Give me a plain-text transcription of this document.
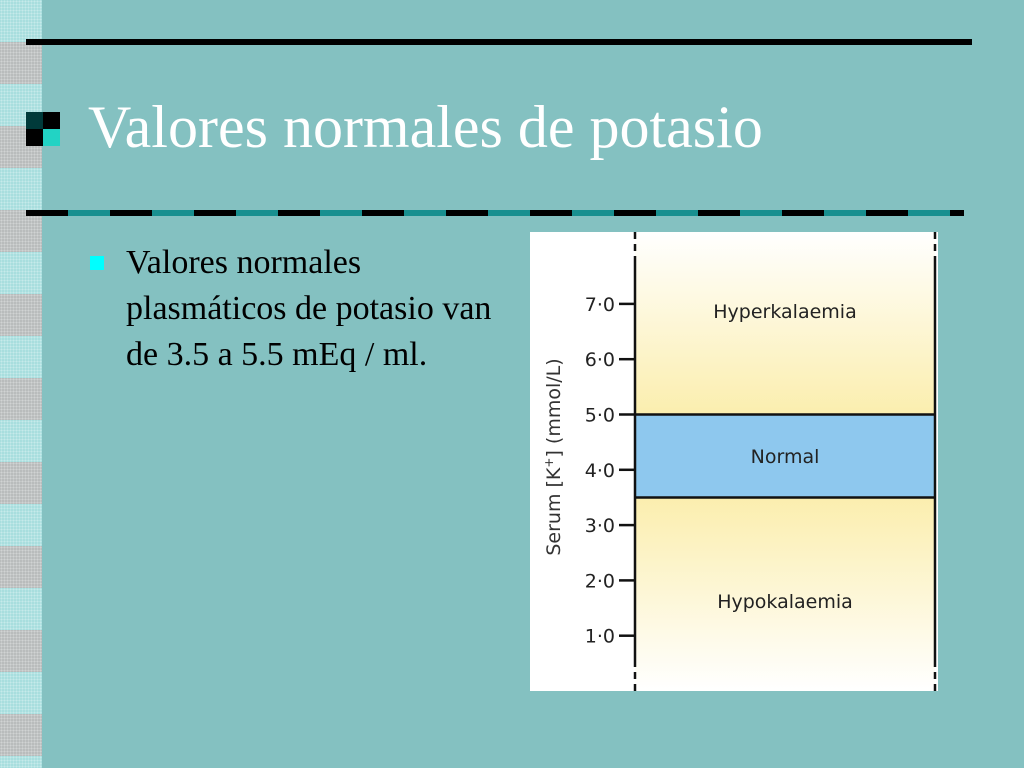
Valores normales de potasio
Valores normales plasmáticos de potasio van de 3.5 a 5.5 mEq / ml.
Hypokalaemia
Normal
Hyperkalaemia
1·0
2·0
3·0
4·0
5·0
6·0
7·0
Serum [K+] (mmol/L)
